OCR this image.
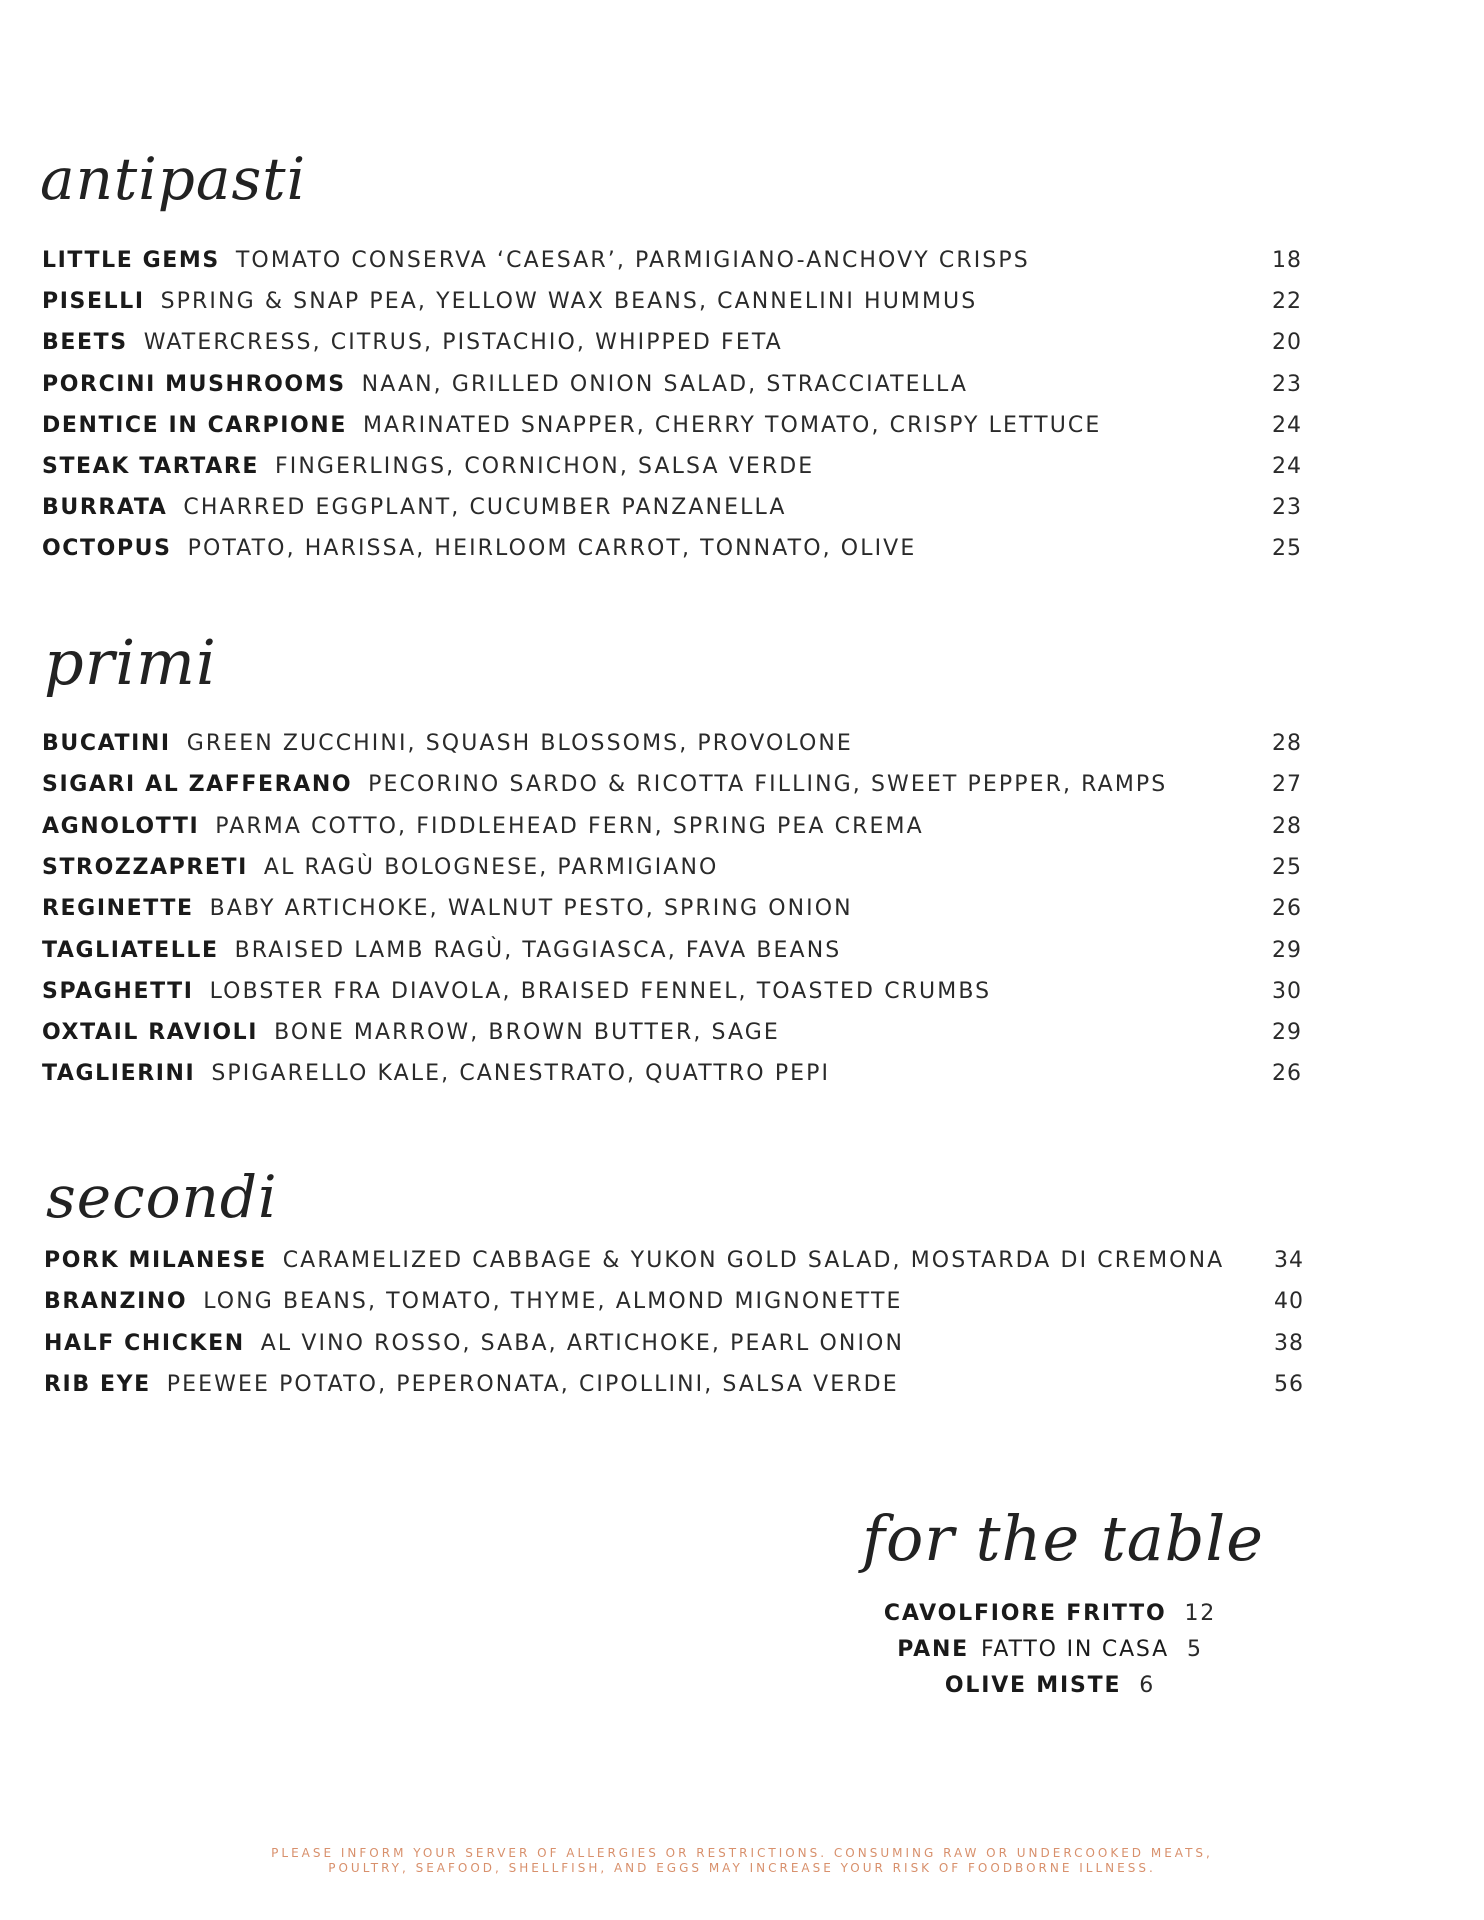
antipasti
LITTLE GEMS TOMATO CONSERVA ‘CAESAR’, PARMIGIANO-ANCHOVY CRISPS	18
PISELLI SPRING & SNAP PEA, YELLOW WAX BEANS, CANNELINI HUMMUS	22
BEETS WATERCRESS, CITRUS, PISTACHIO, WHIPPED FETA	20
PORCINI MUSHROOMS NAAN, GRILLED ONION SALAD, STRACCIATELLA	23
DENTICE IN CARPIONE MARINATED SNAPPER, CHERRY TOMATO, CRISPY LETTUCE	24
STEAK TARTARE FINGERLINGS, CORNICHON, SALSA VERDE	24
BURRATA CHARRED EGGPLANT, CUCUMBER PANZANELLA	23
OCTOPUS POTATO, HARISSA, HEIRLOOM CARROT, TONNATO, OLIVE	25
primi
BUCATINI GREEN ZUCCHINI, SQUASH BLOSSOMS, PROVOLONE	28
SIGARI AL ZAFFERANO PECORINO SARDO & RICOTTA FILLING, SWEET PEPPER, RAMPS	27
AGNOLOTTI PARMA COTTO, FIDDLEHEAD FERN, SPRING PEA CREMA	28
STROZZAPRETI AL RAGÙ BOLOGNESE, PARMIGIANO	25
REGINETTE BABY ARTICHOKE, WALNUT PESTO, SPRING ONION	26
TAGLIATELLE BRAISED LAMB RAGÙ, TAGGIASCA, FAVA BEANS	29
SPAGHETTI LOBSTER FRA DIAVOLA, BRAISED FENNEL, TOASTED CRUMBS	30
OXTAIL RAVIOLI BONE MARROW, BROWN BUTTER, SAGE	29
TAGLIERINI SPIGARELLO KALE, CANESTRATO, QUATTRO PEPI	26
secondi
PORK MILANESE CARAMELIZED CABBAGE & YUKON GOLD SALAD, MOSTARDA DI CREMONA 34
BRANZINO LONG BEANS, TOMATO, THYME, ALMOND MIGNONETTE	40
HALF CHICKEN AL VINO ROSSO, SABA, ARTICHOKE, PEARL ONION	38
RIB EYE PEEWEE POTATO, PEPERONATA, CIPOLLINI, SALSA VERDE	56
for the table
CAVOLFIORE FRITTO 12
PANE FATTO IN CASA 5
OLIVE MISTE 6
PLEASE INFORM YOUR SERVER OF ALLERGIES OR RESTRICTIONS. CONSUMING RAW OR UNDERCOOKED MEATS,
POULTRY, SEAFOOD, SHELLFISH, AND EGGS MAY INCREASE YOUR RISK OF FOODBORNE ILLNESS.
